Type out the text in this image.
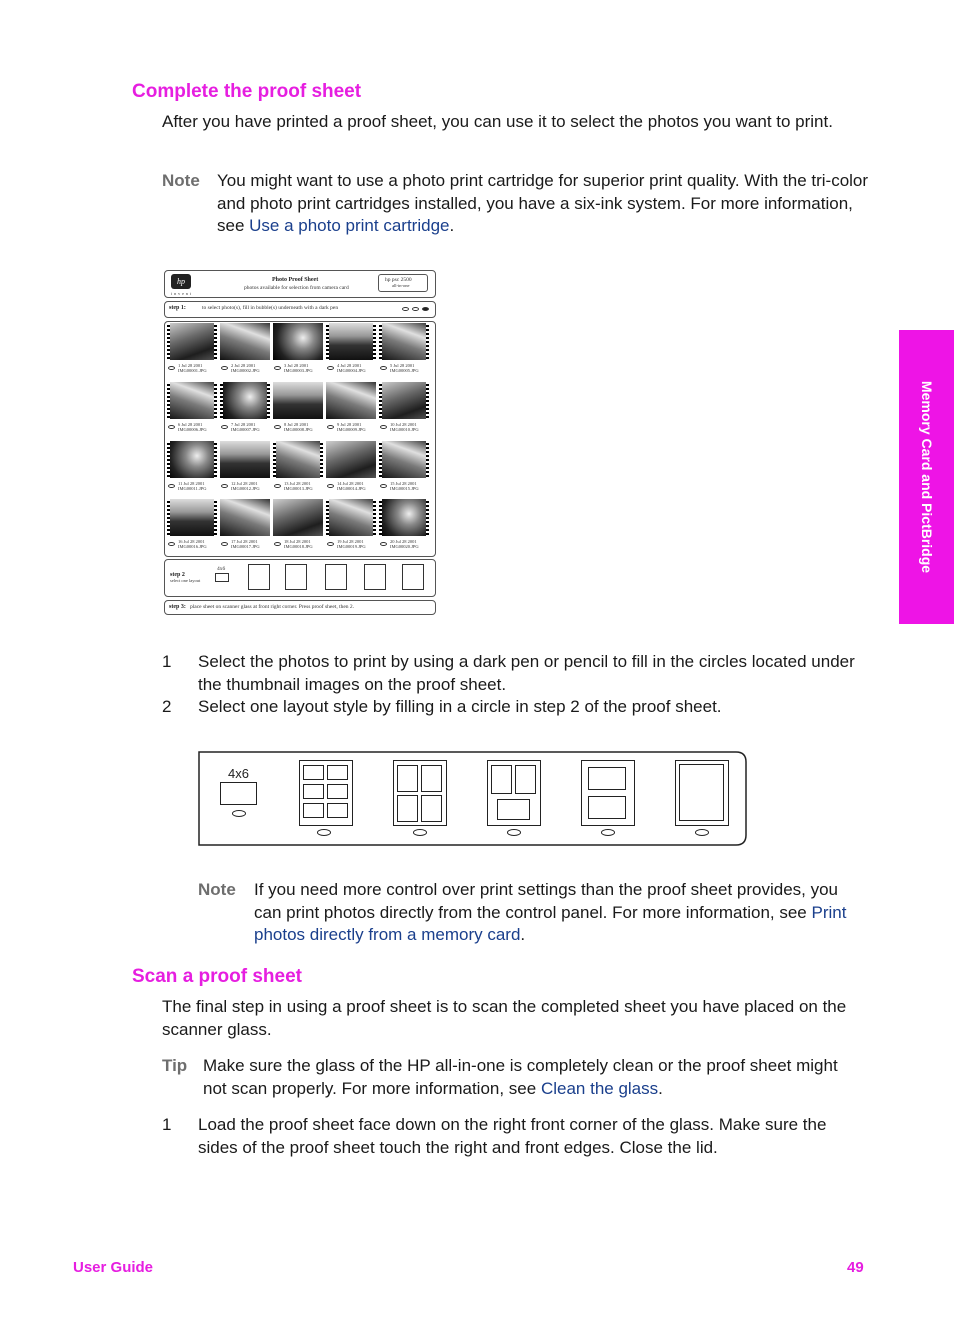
Complete the proof sheet
After you have printed a proof sheet, you can use it to select the photos you want to print.
Note You might want to use a photo print cartridge for superior print quality. With the tri-color and photo print cartridges installed, you have a six-ink system. For more information, see Use a photo print cartridge.
hp
invent
Photo Proof Sheet
photos available for selection from camera card
hp psc 2500
all-in-one
step 1:	to select photo(s), fill in bubble(s) underneath with a dark pen
1 Jul 28 2001
IMG00001.JPG
2 Jul 28 2001
IMG00002.JPG
3 Jul 28 2001
IMG00003.JPG
4 Jul 28 2001
IMG00004.JPG
5 Jul 28 2001
IMG00005.JPG
6 Jul 28 2001
IMG00006.JPG
7 Jul 28 2001
IMG00007.JPG
8 Jul 28 2001
IMG00008.JPG
9 Jul 28 2001
IMG00009.JPG
10 Jul 28 2001
IMG00010.JPG
11 Jul 28 2001
IMG00011.JPG
12 Jul 28 2001
IMG00012.JPG
13 Jul 28 2001
IMG00013.JPG
14 Jul 28 2001
IMG00014.JPG
15 Jul 28 2001
IMG00015.JPG
16 Jul 28 2001
IMG00016.JPG
17 Jul 28 2001
IMG00017.JPG
18 Jul 28 2001
IMG00018.JPG
19 Jul 28 2001
IMG00019.JPG
20 Jul 28 2001
IMG00020.JPG
step 2
select one layout
4x6
step 3: place sheet on scanner glass at front right corner. Press proof sheet, then 2.
1 Select the photos to print by using a dark pen or pencil to fill in the circles located under the thumbnail images on the proof sheet.
2 Select one layout style by filling in a circle in step 2 of the proof sheet.
4x6
Note If you need more control over print settings than the proof sheet provides, you can print photos directly from the control panel. For more information, see Print photos directly from a memory card.
Scan a proof sheet
The final step in using a proof sheet is to scan the completed sheet you have placed on the scanner glass.
Tip Make sure the glass of the HP all-in-one is completely clean or the proof sheet might not scan properly. For more information, see Clean the glass.
1 Load the proof sheet face down on the right front corner of the glass. Make sure the sides of the proof sheet touch the right and front edges. Close the lid.
Memory Card and PictBridge
User Guide	49
